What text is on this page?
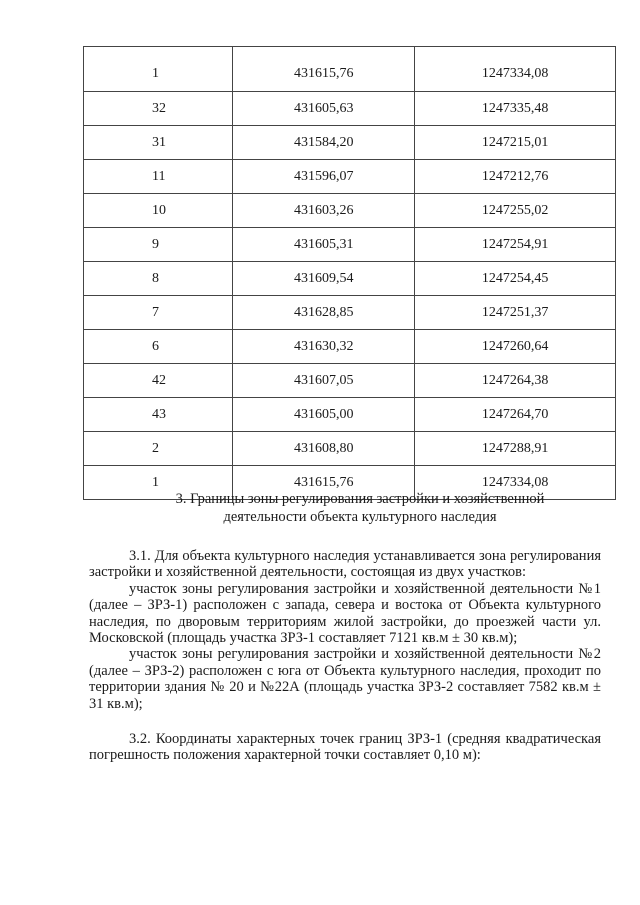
1	431615,76	1247334,08
32	431605,63	1247335,48
31	431584,20	1247215,01
11	431596,07	1247212,76
10	431603,26	1247255,02
9	431605,31	1247254,91
8	431609,54	1247254,45
7	431628,85	1247251,37
6	431630,32	1247260,64
42	431607,05	1247264,38
43	431605,00	1247264,70
2	431608,80	1247288,91
1	431615,76	1247334,08
3. Границы зоны регулирования застройки и хозяйственной
деятельности объекта культурного наследия

3.1. Для объекта культурного наследия устанавливается зона регулирования застройки и хозяйственной деятельности, состоящая из двух участков:

участок зоны регулирования застройки и хозяйственной деятельности №1 (далее – ЗРЗ-1) расположен с запада, севера и востока от Объекта культурного наследия, по дворовым территориям жилой застройки, до проезжей части ул. Московской (площадь участка ЗРЗ-1 составляет 7121 кв.м ± 30 кв.м);

участок зоны регулирования застройки и хозяйственной деятельности №2 (далее – ЗРЗ-2) расположен с юга от Объекта культурного наследия, проходит по территории здания № 20 и №22А (площадь участка ЗРЗ-2 составляет 7582 кв.м ± 31 кв.м);

3.2. Координаты характерных точек границ ЗРЗ-1 (средняя квадратическая погрешность положения характерной точки составляет 0,10 м):
